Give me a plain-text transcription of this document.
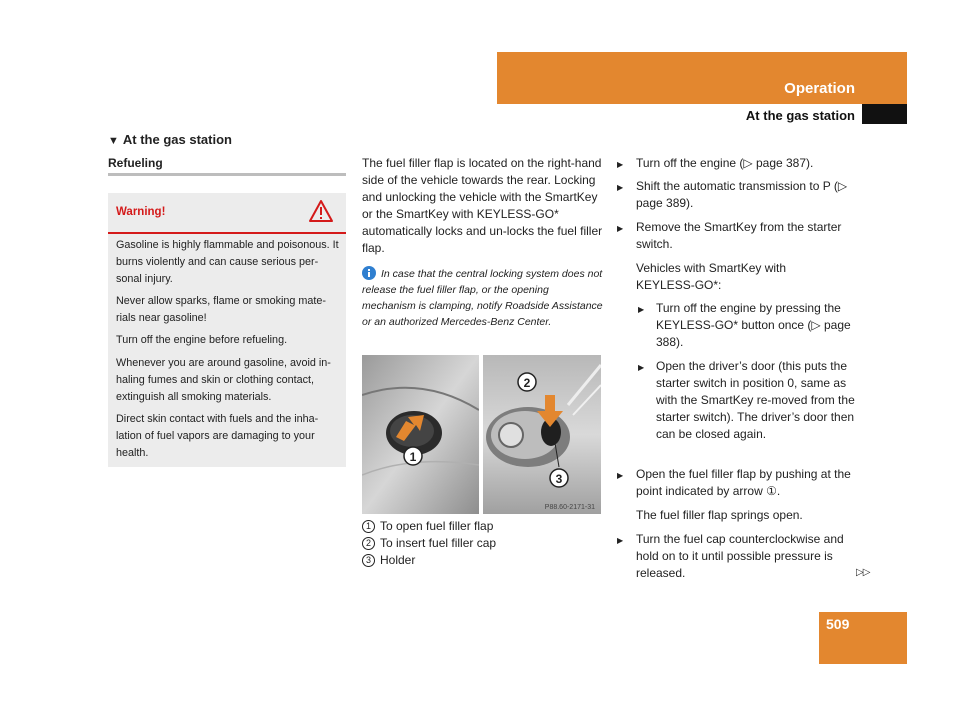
Operation
At the gas station
▼ At the gas station
Refueling
Warning!
Gasoline is highly flammable and poisonous. It burns violently and can cause serious per-sonal injury.
Never allow sparks, flame or smoking mate-rials near gasoline!
Turn off the engine before refueling.
Whenever you are around gasoline, avoid in-haling fumes and skin or clothing contact, extinguish all smoking materials.
Direct skin contact with fuels and the inha-lation of fuel vapors are damaging to your health.
The fuel filler flap is located on the right-hand side of the vehicle towards the rear. Locking and unlocking the vehicle with the SmartKey or the SmartKey with KEYLESS-GO* automatically locks and un-locks the fuel filler flap.
In case that the central locking system does not release the fuel filler flap, or the opening mechanism is clamping, notify Roadside Assistance or an authorized Mercedes-Benz Center.
1
2
3
P88.60-2171-31
1 To open fuel filler flap
2 To insert fuel filler cap
3 Holder
▶ Turn off the engine (▷ page 387).
▶ Shift the automatic transmission to P (▷ page 389).
▶ Remove the SmartKey from the starter switch.
Vehicles with SmartKey with KEYLESS-GO*:
▶ Turn off the engine by pressing the KEYLESS-GO* button once (▷ page 388).
▶ Open the driver’s door (this puts the starter switch in position 0, same as with the SmartKey re-moved from the starter switch). The driver’s door then can be closed again.
▶ Open the fuel filler flap by pushing at the point indicated by arrow ①.
The fuel filler flap springs open.
▶ Turn the fuel cap counterclockwise and hold on to it until possible pressure is released.	▷▷
509
